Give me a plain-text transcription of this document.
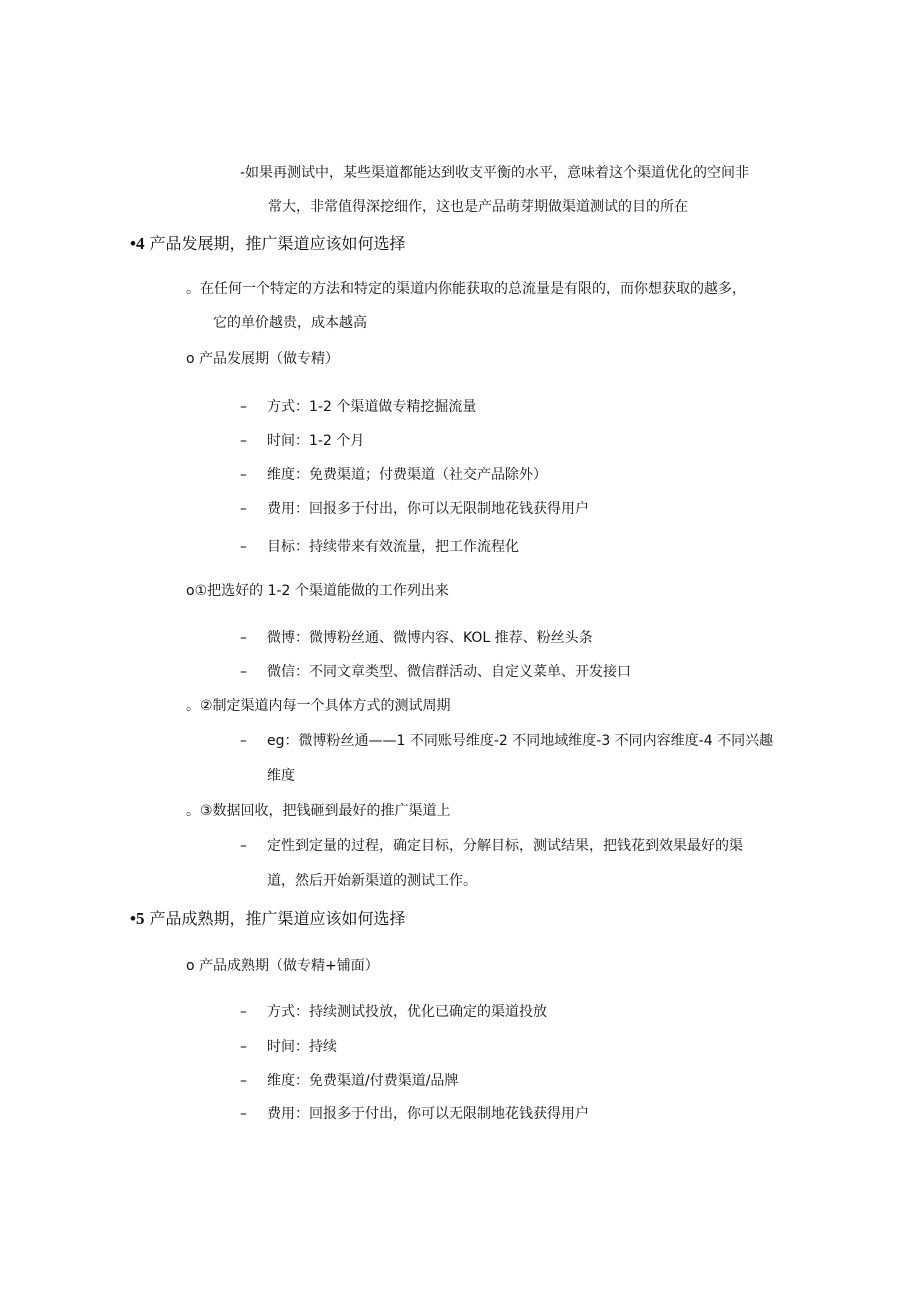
-如果再测试中，某些渠道都能达到收支平衡的水平，意味着这个渠道优化的空间非
常大，非常值得深挖细作，这也是产品萌芽期做渠道测试的目的所在
•4 产品发展期，推广渠道应该如何选择
。在任何一个特定的方法和特定的渠道内你能获取的总流量是有限的，而你想获取的越多，
它的单价越贵，成本越高
o 产品发展期（做专精）
– 方式：1-2 个渠道做专精挖掘流量
– 时间：1-2 个月
– 维度：免费渠道；付费渠道（社交产品除外）
– 费用：回报多于付出，你可以无限制地花钱获得用户
– 目标：持续带来有效流量，把工作流程化
o①把选好的 1-2 个渠道能做的工作列出来
– 微博：微博粉丝通、微博内容、KOL 推荐、粉丝头条
– 微信：不同文章类型、微信群活动、自定义菜单、开发接口
。②制定渠道内每一个具体方式的测试周期
– eg：微博粉丝通——1 不同账号维度-2 不同地域维度-3 不同内容维度-4 不同兴趣
维度
。③数据回收，把钱砸到最好的推广渠道上
– 定性到定量的过程，确定目标，分解目标，测试结果，把钱花到效果最好的渠
道，然后开始新渠道的测试工作。
•5 产品成熟期，推广渠道应该如何选择
o 产品成熟期（做专精+铺面）
– 方式：持续测试投放，优化已确定的渠道投放
– 时间：持续
– 维度：免费渠道/付费渠道/品牌
– 费用：回报多于付出，你可以无限制地花钱获得用户
